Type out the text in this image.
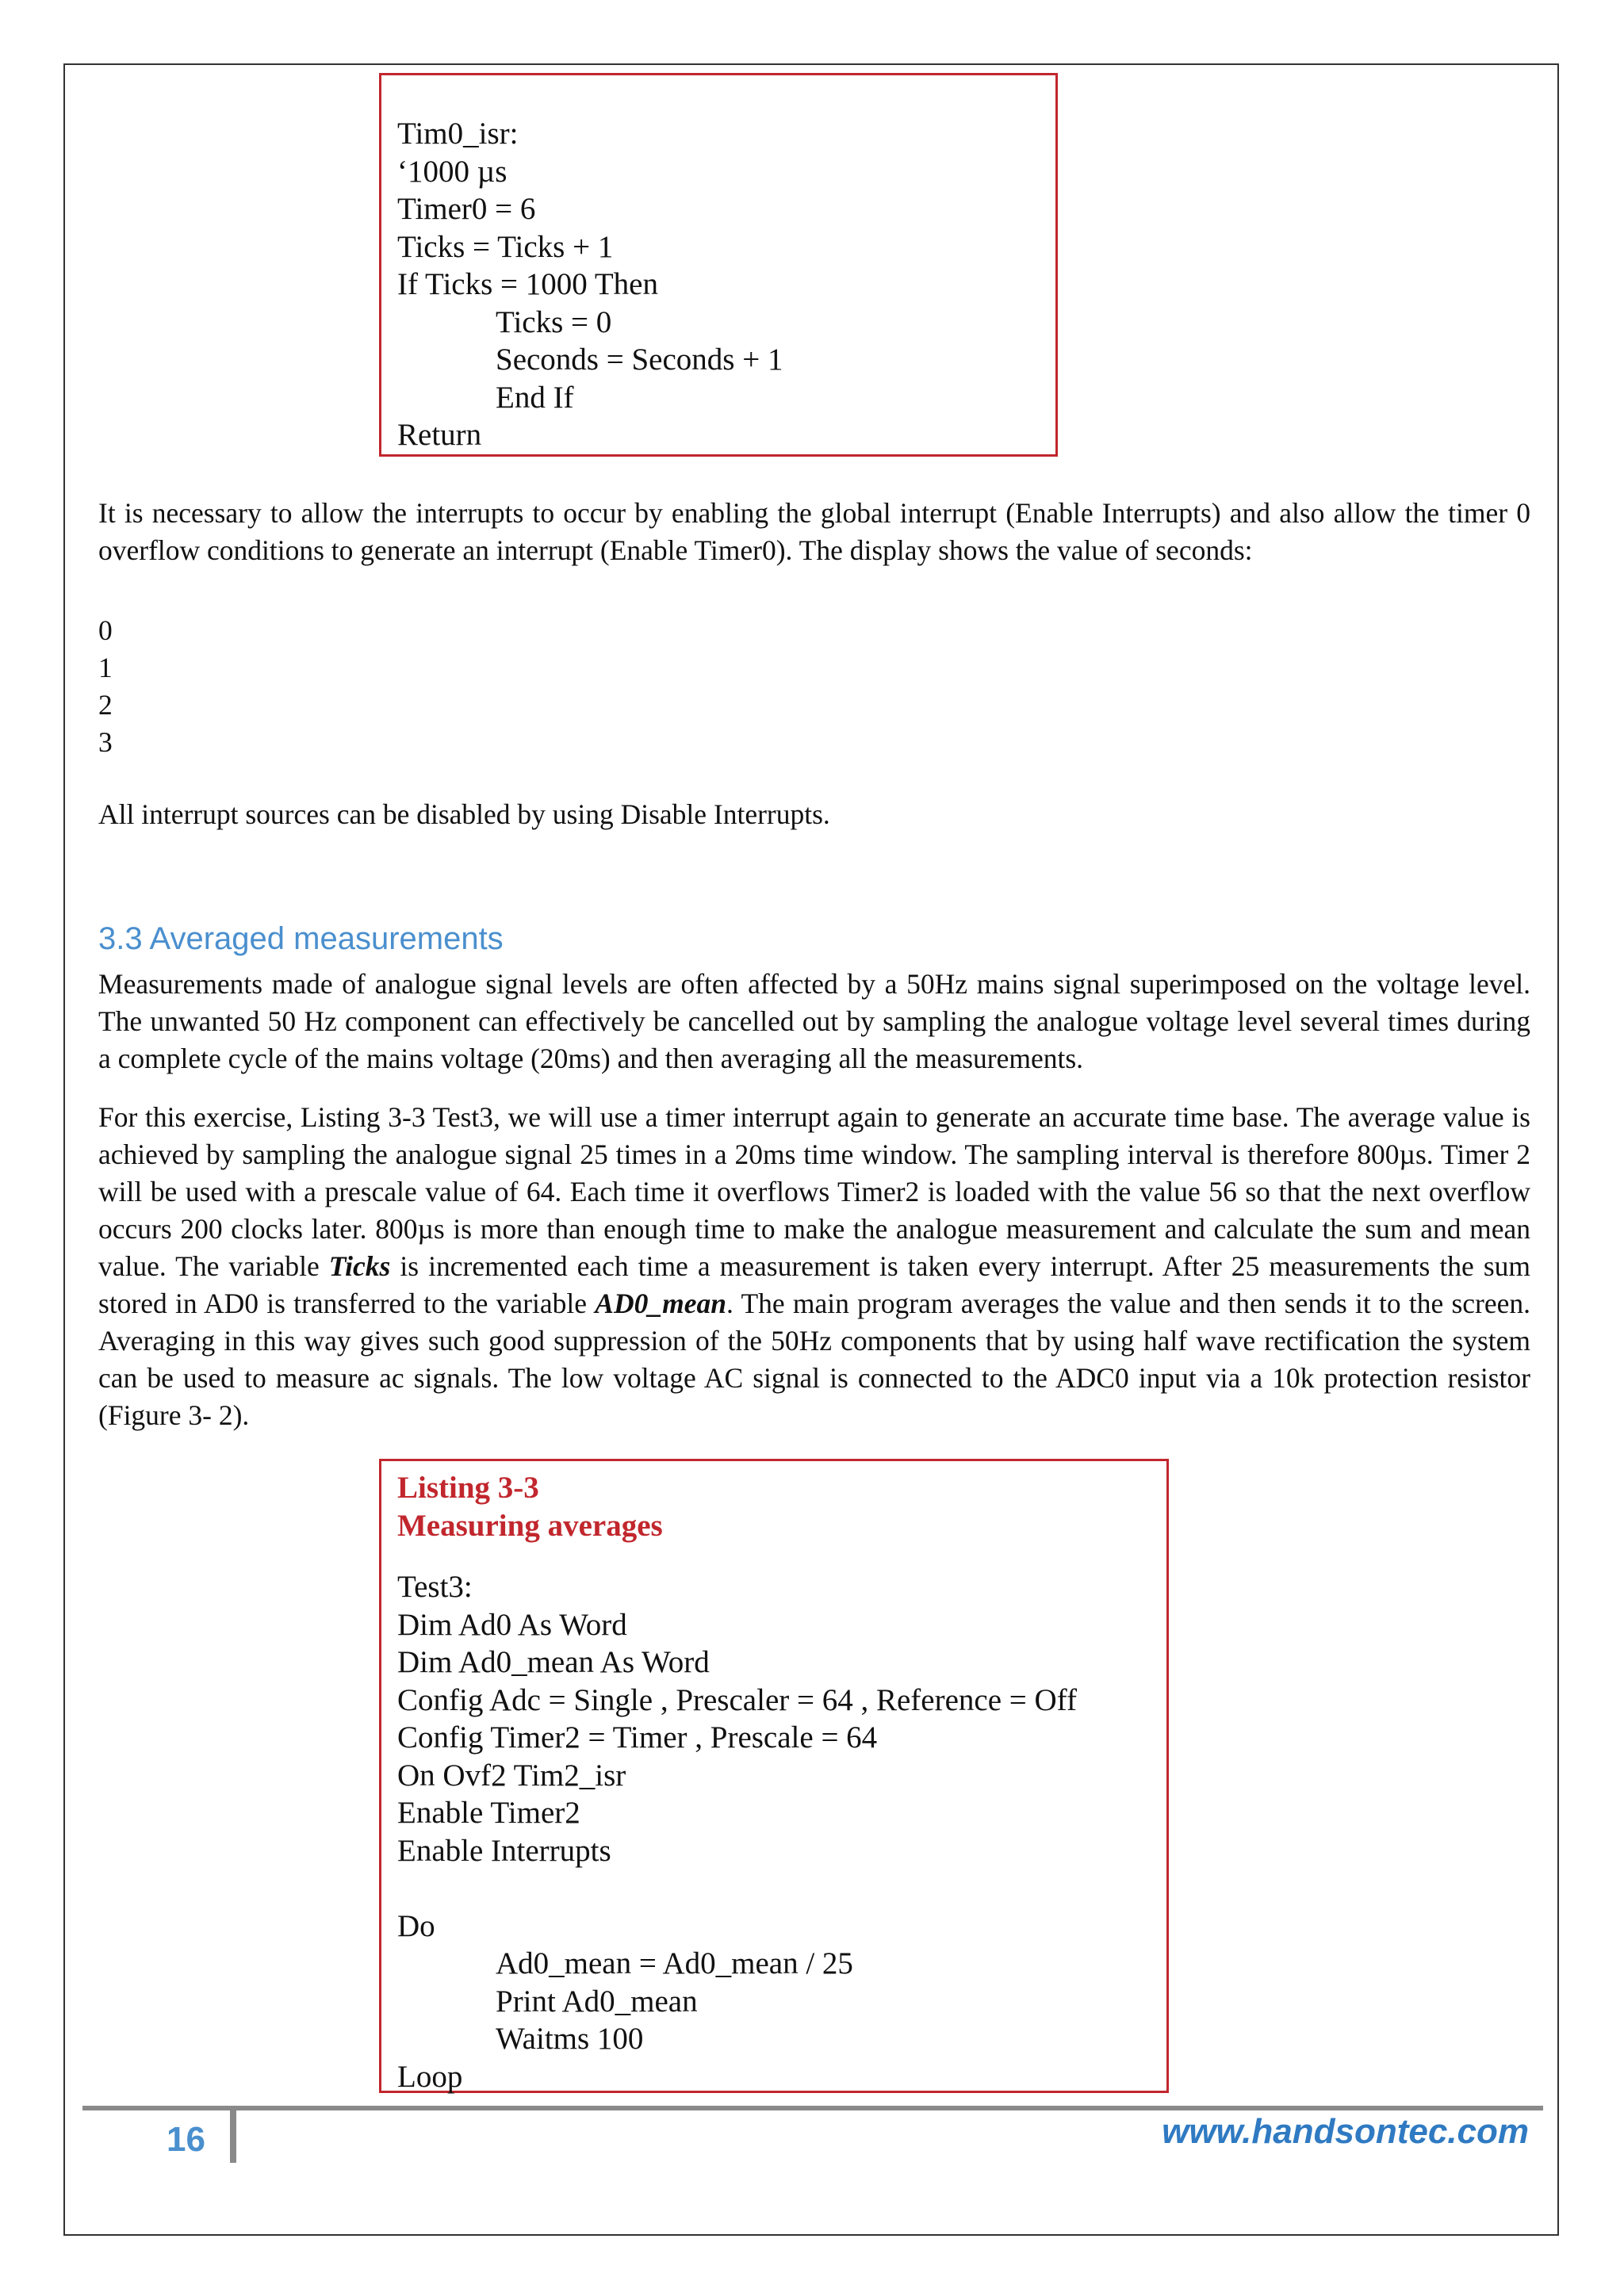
Tim0_isr:
‘1000 µs
Timer0 = 6
Ticks = Ticks + 1
If Ticks = 1000 Then
Ticks = 0
Seconds = Seconds + 1
End If
Return

It is necessary to allow the interrupts to occur by enabling the global interrupt (Enable Interrupts) and also allow the timer 0 overflow conditions to generate an interrupt (Enable Timer0). The display shows the value of seconds:

0
1
2
3

All interrupt sources can be disabled by using Disable Interrupts.

3.3 Averaged measurements

Measurements made of analogue signal levels are often affected by a 50Hz mains signal superimposed on the voltage level. The unwanted 50 Hz component can effectively be cancelled out by sampling the analogue voltage level several times during a complete cycle of the mains voltage (20ms) and then averaging all the measurements.

For this exercise, Listing 3-3 Test3, we will use a timer interrupt again to generate an accurate time base. The average value is achieved by sampling the analogue signal 25 times in a 20ms time window. The sampling interval is therefore 800µs. Timer 2 will be used with a prescale value of 64. Each time it overflows Timer2 is loaded with the value 56 so that the next overflow occurs 200 clocks later. 800µs is more than enough time to make the analogue measurement and calculate the sum and mean value. The variable Ticks is incremented each time a measurement is taken every interrupt. After 25 measurements the sum stored in AD0 is transferred to the variable AD0_mean. The main program averages the value and then sends it to the screen. Averaging in this way gives such good suppression of the 50Hz components that by using half wave rectification the system can be used to measure ac signals. The low voltage AC signal is connected to the ADC0 input via a 10k protection resistor (Figure 3- 2).

Listing 3-3
Measuring averages
Test3:
Dim Ad0 As Word
Dim Ad0_mean As Word
Config Adc = Single , Prescaler = 64 , Reference = Off
Config Timer2 = Timer , Prescale = 64
On Ovf2 Tim2_isr
Enable Timer2
Enable Interrupts
Do
Ad0_mean = Ad0_mean / 25
Print Ad0_mean
Waitms 100
Loop
16	www.handsontec.com
